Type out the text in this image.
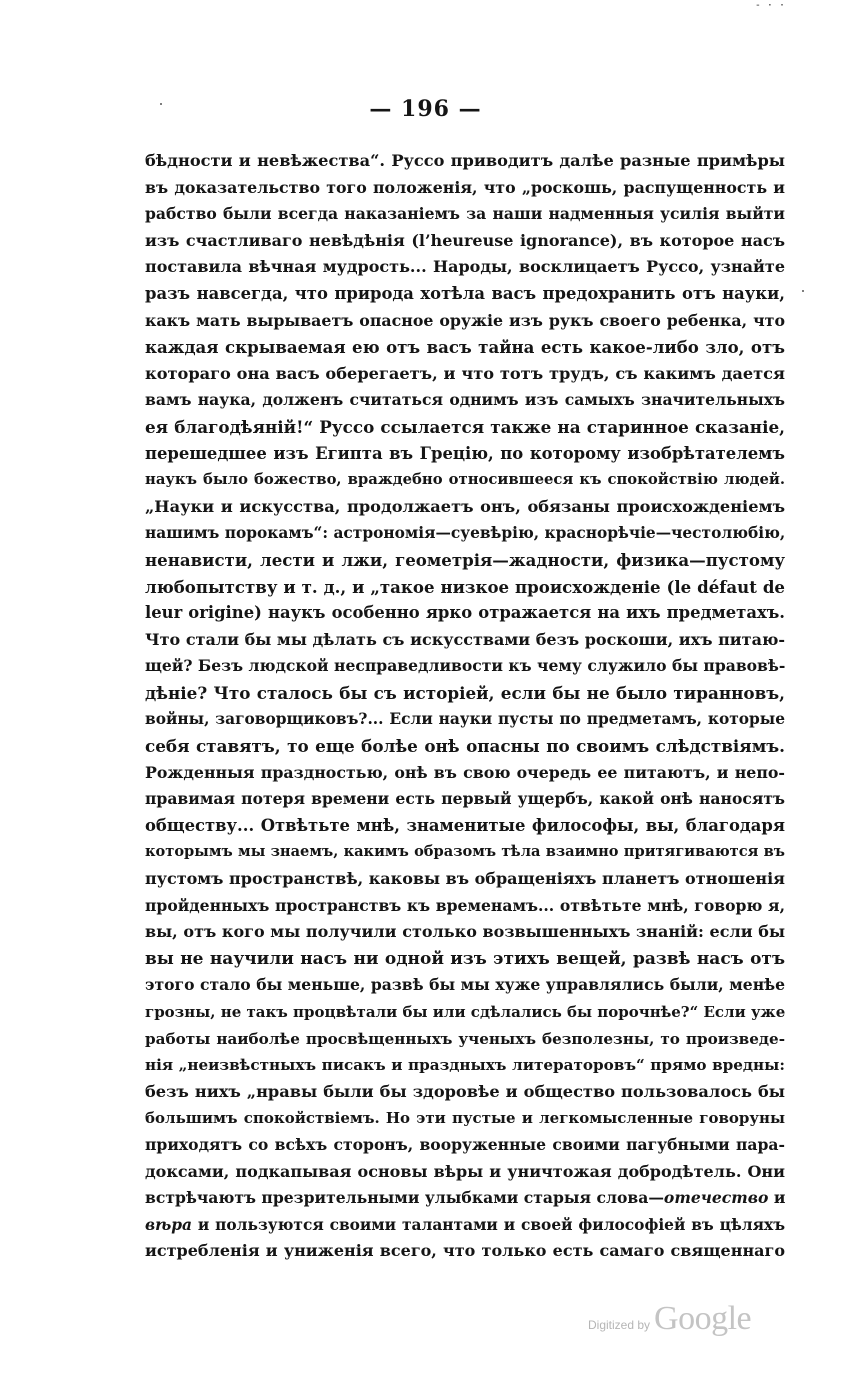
- · ·
— 196 —
бѣдности и невѣжества“. Руссо приводитъ далѣе разные примѣры
въ доказательство того положенія, что „роскошь, распущенность и
рабство были всегда наказаніемъ за наши надменныя усилія выйти
изъ счастливаго невѣдѣнія (l’heureuse ignorance), въ которое насъ
поставила вѣчная мудрость... Народы, восклицаетъ Руссо, узнайте
разъ навсегда, что природа хотѣла васъ предохранить отъ науки,
какъ мать вырываетъ опасное оружіе изъ рукъ своего ребенка, что
каждая скрываемая ею отъ васъ тайна есть какое-либо зло, отъ
котораго она васъ оберегаетъ, и что тотъ трудъ, съ какимъ дается
вамъ наука, долженъ считаться однимъ изъ самыхъ значительныхъ
ея благодѣяній!“ Руссо ссылается также на старинное сказаніе,
перешедшее изъ Египта въ Грецію, по которому изобрѣтателемъ
наукъ было божество, враждебно относившееся къ спокойствію людей.
„Науки и искусства, продолжаетъ онъ, обязаны происхожденіемъ
нашимъ порокамъ“: астрономія—суевѣрію, краснорѣчіе—честолюбію,
ненависти, лести и лжи, геометрія—жадности, физика—пустому
любопытству и т. д., и „такое низкое происхожденіе (le défaut de
leur origine) наукъ особенно ярко отражается на ихъ предметахъ.
Что стали бы мы дѣлать съ искусствами безъ роскоши, ихъ питаю-
щей? Безъ людской несправедливости къ чему служило бы правовѣ-
дѣніе? Что сталось бы съ исторіей, если бы не было тиранновъ,
войны, заговорщиковъ?... Если науки пусты по предметамъ, которые
себя ставятъ, то еще болѣе онѣ опасны по своимъ слѣдствіямъ.
Рожденныя праздностью, онѣ въ свою очередь ее питаютъ, и непо-
правимая потеря времени есть первый ущербъ, какой онѣ наносятъ
обществу... Отвѣтьте мнѣ, знаменитые философы, вы, благодаря
которымъ мы знаемъ, какимъ образомъ тѣла взаимно притягиваются въ
пустомъ пространствѣ, каковы въ обращеніяхъ планетъ отношенія
пройденныхъ пространствъ къ временамъ... отвѣтьте мнѣ, говорю я,
вы, отъ кого мы получили столько возвышенныхъ знаній: если бы
вы не научили насъ ни одной изъ этихъ вещей, развѣ насъ отъ
этого стало бы меньше, развѣ бы мы хуже управлялись были, менѣе
грозны, не такъ процвѣтали бы или сдѣлались бы порочнѣе?“ Если уже
работы наиболѣе просвѣщенныхъ ученыхъ безполезны, то произведе-
нія „неизвѣстныхъ писакъ и праздныхъ литераторовъ“ прямо вредны:
безъ нихъ „нравы были бы здоровѣе и общество пользовалось бы
большимъ спокойствіемъ. Но эти пустые и легкомысленные говоруны
приходятъ со всѣхъ сторонъ, вооруженные своими пагубными пара-
доксами, подкапывая основы вѣры и уничтожая добродѣтель. Они
встрѣчаютъ презрительными улыбками старыя слова—отечество и
вѣра и пользуются своими талантами и своей философіей въ цѣляхъ
истребленія и униженія всего, что только есть самаго священнаго
Digitized by Google
